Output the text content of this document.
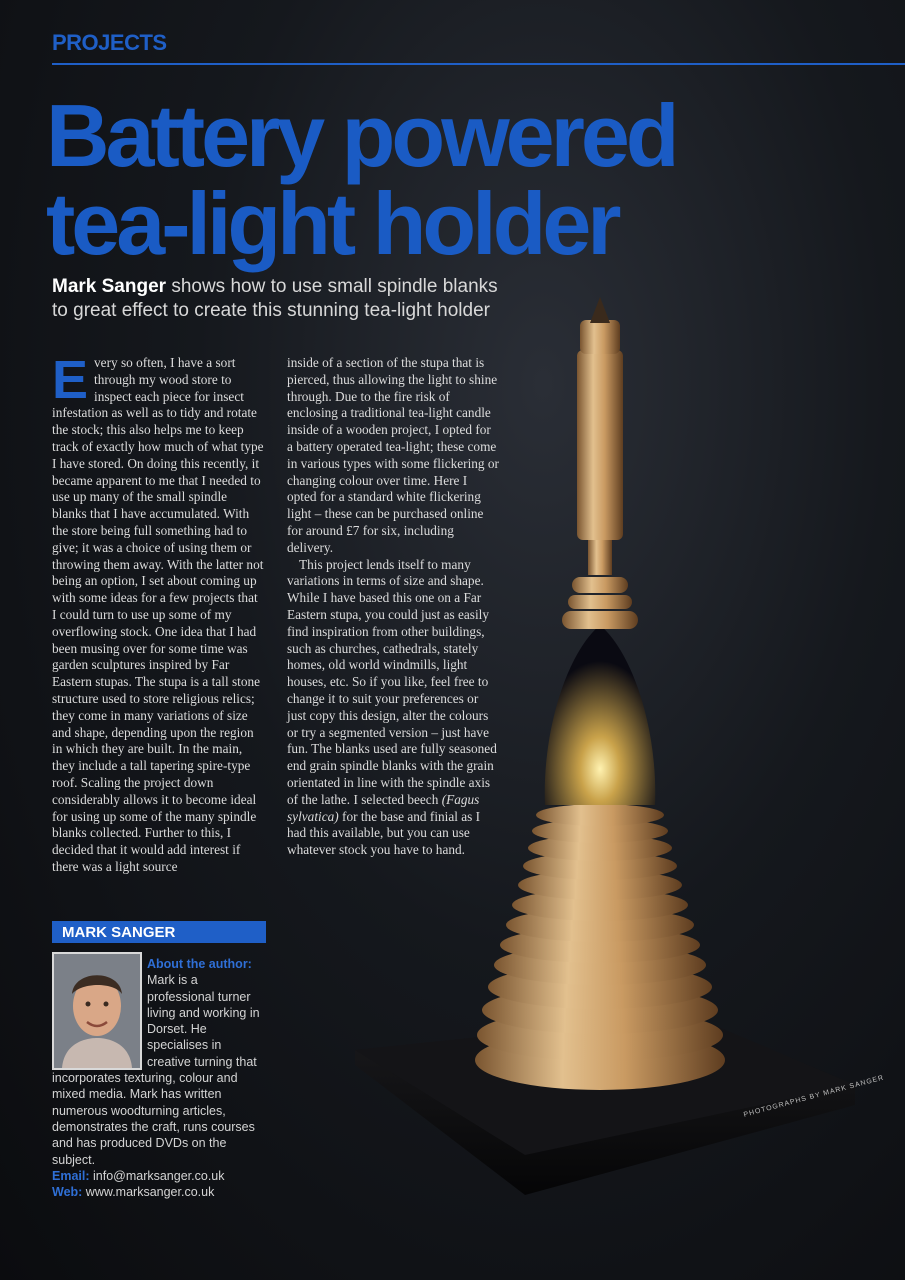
PROJECTS
Battery powered tea-light holder

Mark Sanger shows how to use small spindle blanks to great effect to create this stunning tea-light holder

Every so often, I have a sort through my wood store to inspect each piece for insect infestation as well as to tidy and rotate the stock; this also helps me to keep track of exactly how much of what type I have stored. On doing this recently, it became apparent to me that I needed to use up many of the small spindle blanks that I have accumulated. With the store being full something had to give; it was a choice of using them or throwing them away. With the latter not being an option, I set about coming up with some ideas for a few projects that I could turn to use up some of my overflowing stock. One idea that I had been musing over for some time was garden sculptures inspired by Far Eastern stupas. The stupa is a tall stone structure used to store religious relics; they come in many variations of size and shape, depending upon the region in which they are built. In the main, they include a tall tapering spire-type roof. Scaling the project down considerably allows it to become ideal for using up some of the many spindle blanks collected. Further to this, I decided that it would add interest if there was a light source

inside of a section of the stupa that is pierced, thus allowing the light to shine through. Due to the fire risk of enclosing a traditional tea-light candle inside of a wooden project, I opted for a battery operated tea-light; these come in various types with some flickering or changing colour over time. Here I opted for a standard white flickering light – these can be purchased online for around £7 for six, including delivery.

This project lends itself to many variations in terms of size and shape. While I have based this one on a Far Eastern stupa, you could just as easily find inspiration from other buildings, such as churches, cathedrals, stately homes, old world windmills, light houses, etc. So if you like, feel free to change it to suit your preferences or just copy this design, alter the colours or try a segmented version – just have fun. The blanks used are fully seasoned end grain spindle blanks with the grain orientated in line with the spindle axis of the lathe. I selected beech (Fagus sylvatica) for the base and finial as I had this available, but you can use whatever stock you have to hand.

MARK SANGER

About the author: Mark is a professional turner living and working in Dorset. He specialises in creative turning that incorporates texturing, colour and mixed media. Mark has written numerous woodturning articles, demonstrates the craft, runs courses and has produced DVDs on the subject.

Email: info@marksanger.co.uk

Web: www.marksanger.co.uk

PHOTOGRAPHS BY MARK SANGER
